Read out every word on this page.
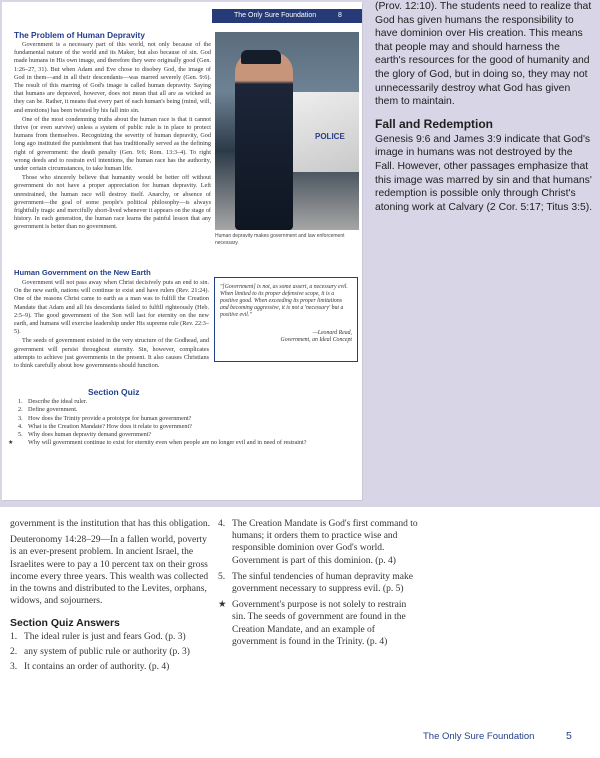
The Only Sure Foundation	8
The Problem of Human Depravity

Government is a necessary part of this world, not only because of the fundamental nature of the world and its Maker, but also because of sin. God made humans in His own image, and therefore they were originally good (Gen. 1:26–27, 31). But when Adam and Eve chose to disobey God, the image of God in them—and in all their descendants—was marred severely (Gen. 9:6). The result of this marring of God's image is called human depravity. Saying that humans are depraved, however, does not mean that all are as wicked as they can be. Rather, it means that every part of each human's being (mind, will, and emotions) has been twisted by his fall into sin.

One of the most condemning truths about the human race is that it cannot thrive (or even survive) unless a system of public rule is in place to protect humans from themselves. Recognizing the severity of human depravity, God long ago instituted the punishment that has traditionally served as the defining right of government: the death penalty (Gen. 9:6; Rom. 13:3–4). To right wrong deeds and to restrain evil intentions, the human race has the authority, under certain circumstances, to take human life.

Those who sincerely believe that humanity would be better off without government do not have a proper appreciation for human depravity. Left unrestrained, the human race will destroy itself. Anarchy, or absence of government—the goal of some people's political philosophy—is always frightfully tragic and mercifully short-lived whenever it appears on the stage of history. In each generation, the human race learns the painful lesson that any government is better than no government.

POLICE
Human depravity makes government and law enforcement necessary.
Human Government on the New Earth

Government will not pass away when Christ decisively puts an end to sin. On the new earth, nations will continue to exist and have rulers (Rev. 21:24). One of the reasons Christ came to earth as a man was to fulfill the Creation Mandate that Adam and all his descendants failed to fulfill righteously (Heb. 2:5–9). The good government of the Son will last for eternity on the new earth, and humans will exercise leadership under His supreme rule (Rev. 22:3–5).

The seeds of government existed in the very structure of the Godhead, and government will persist throughout eternity. Sin, however, complicates attempts to achieve just governments in the present. It also causes Christians to think carefully about how governments should function.

"[Government] is not, as some assert, a necessary evil. When limited to its proper defensive scope, it is a positive good. When exceeding its proper limitations and becoming aggressive, it is not a 'necessary' but a positive evil."
—Leonard Read,
Government, an Ideal Concept
Section Quiz
1. Describe the ideal ruler.
2. Define government.
3. How does the Trinity provide a prototype for human government?
4. What is the Creation Mandate? How does it relate to government?
5. Why does human depravity demand government?
★ Why will government continue to exist for eternity even when people are no longer evil and in need of restraint?

(Prov. 12:10). The students need to realize that God has given humans the responsibility to have dominion over His creation. This means that people may and should harness the earth's resources for the good of humanity and the glory of God, but in doing so, they may not unnecessarily destroy what God has given them to maintain.

Fall and Redemption

Genesis 9:6 and James 3:9 indicate that God's image in humans was not destroyed by the Fall. However, other passages emphasize that this image was marred by sin and that humans' redemption is possible only through Christ's atoning work at Calvary (2 Cor. 5:17; Titus 3:5).

government is the institution that has this obligation.

Deuteronomy 14:28–29—In a fallen world, poverty is an ever-present problem. In ancient Israel, the Israelites were to pay a 10 percent tax on their gross income every three years. This wealth was collected in the towns and distributed to the Levites, orphans, widows, and sojourners.

Section Quiz Answers

1. The ideal ruler is just and fears God. (p. 3)

2. any system of public rule or authority (p. 3)

3. It contains an order of authority. (p. 4)

4. The Creation Mandate is God's first command to humans; it orders them to practice wise and responsible dominion over God's world. Government is part of this dominion. (p. 4)

5. The sinful tendencies of human depravity make government necessary to suppress evil. (p. 5)

★ Government's purpose is not solely to restrain sin. The seeds of government are found in the Creation Mandate, and an example of government is found in the Trinity. (p. 4)

The Only Sure Foundation	5
